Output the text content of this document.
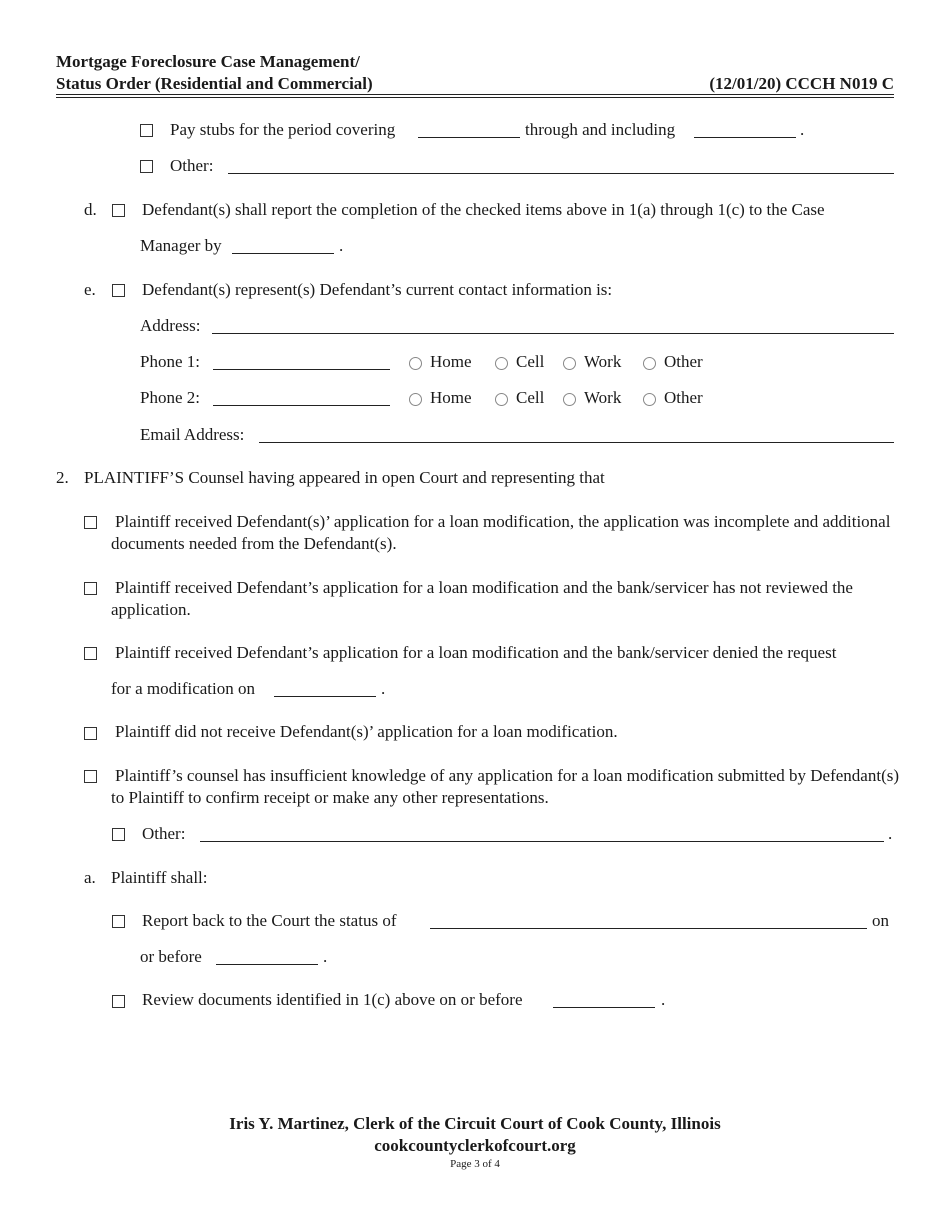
Mortgage Foreclosure Case Management/
Status Order (Residential and Commercial)	(12/01/20) CCCH N019 C
Pay stubs for the period covering	through and including	.
Other:
d.	Defendant(s) shall report the completion of the checked items above in 1(a) through 1(c) to the Case
Manager by	.
e.	Defendant(s) represent(s) Defendant’s current contact information is:
Address:
Phone 1:	Home	Cell Work	Other
Phone 2:	Home	Cell Work	Other
Email Address:
2. PLAINTIFF’S Counsel having appeared in open Court and representing that
Plaintiff received Defendant(s)’ application for a loan modification, the application was incomplete and additional documents needed from the Defendant(s).
Plaintiff received Defendant’s application for a loan modification and the bank/servicer has not reviewed the application.
Plaintiff received Defendant’s application for a loan modification and the bank/servicer denied the request
for a modification on	.
Plaintiff did not receive Defendant(s)’ application for a loan modification.
Plaintiff’s counsel has insufficient knowledge of any application for a loan modification submitted by Defendant(s) to Plaintiff to confirm receipt or make any other representations.
Other:	.
a. Plaintiff shall:
Report back to the Court the status of	on
or before	.
Review documents identified in 1(c) above on or before	.
Iris Y. Martinez, Clerk of the Circuit Court of Cook County, Illinois
cookcountyclerkofcourt.org
Page 3 of 4
